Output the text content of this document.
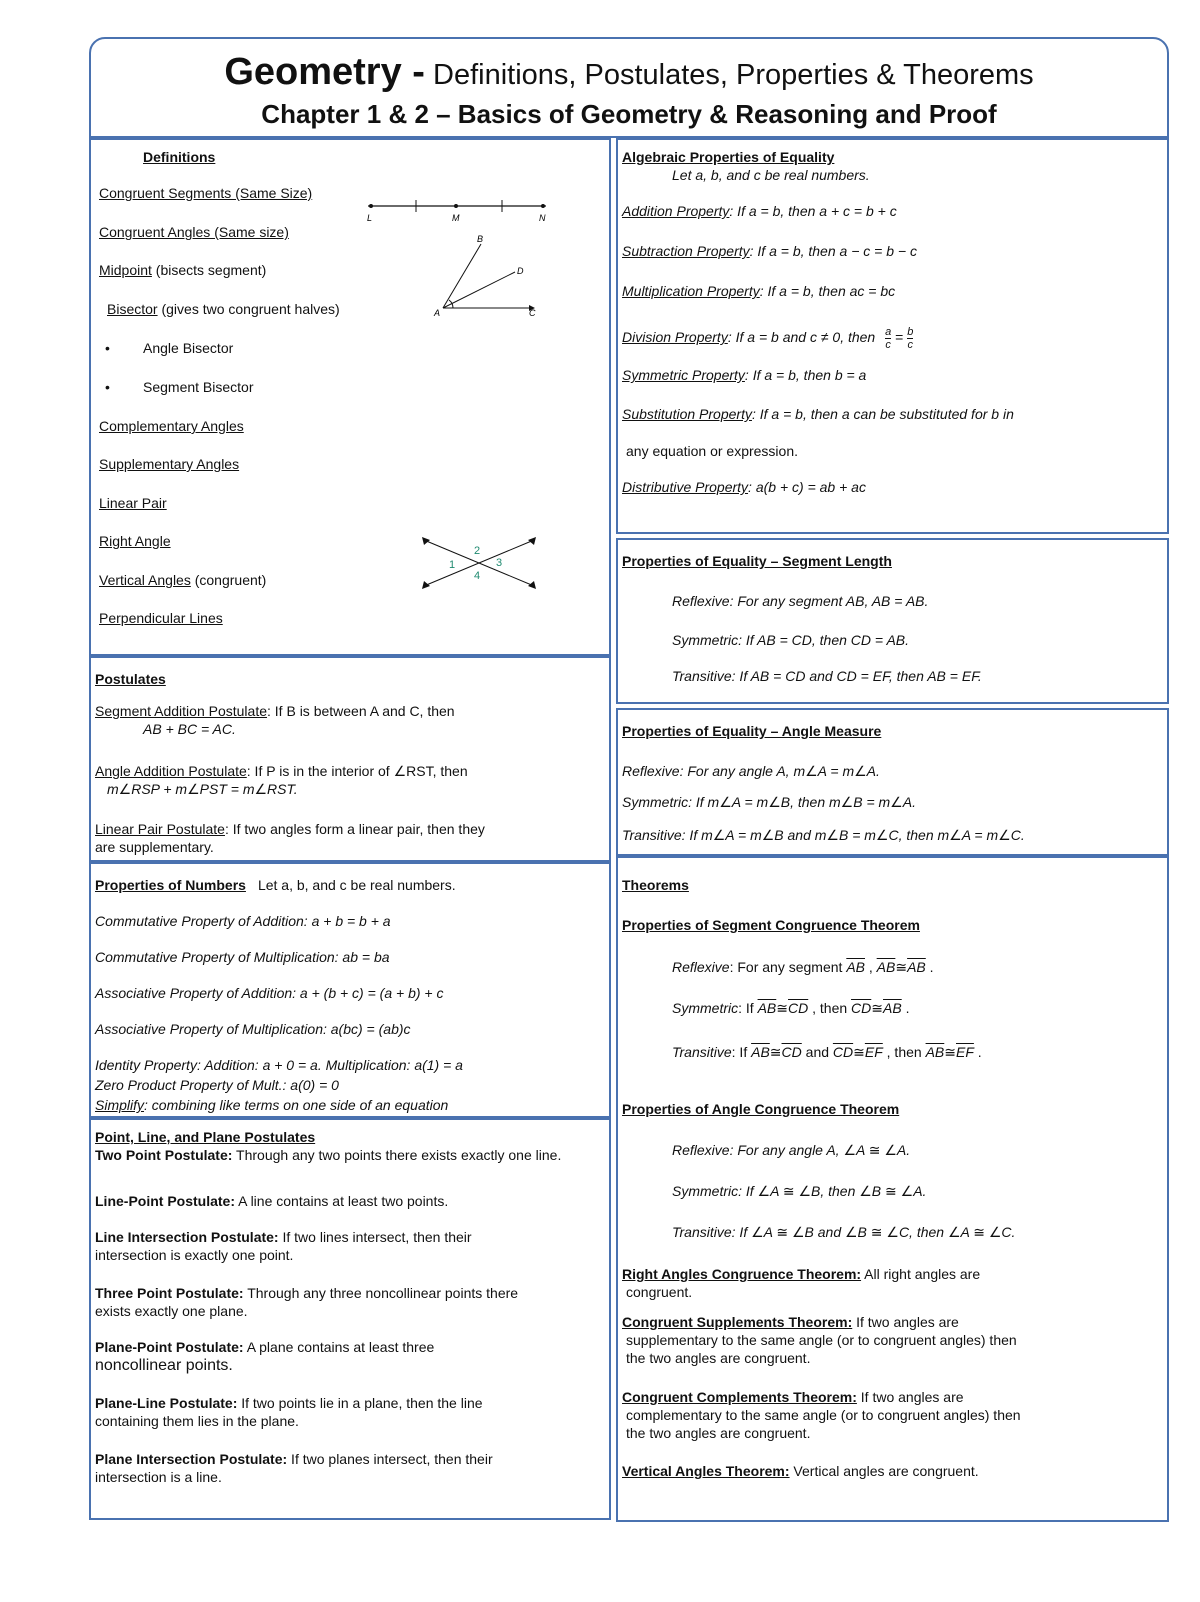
Geometry - Definitions, Postulates, Properties & Theorems
Chapter 1 & 2 – Basics of Geometry & Reasoning and Proof
Definitions
Congruent Segments (Same Size)
Congruent Angles (Same size)
Midpoint (bisects segment)
Bisector (gives two congruent halves)
• Angle Bisector
• Segment Bisector
Complementary Angles
Supplementary Angles
Linear Pair
Right Angle
Vertical Angles (congruent)
Perpendicular Lines
L	M	N
B
D
A	C
1
2
3
4
Postulates
Segment Addition Postulate: If B is between A and C, then
AB + BC = AC.
Angle Addition Postulate: If P is in the interior of ∠RST, then
m∠RSP + m∠PST = m∠RST.
Linear Pair Postulate: If two angles form a linear pair, then they
are supplementary.
Properties of Numbers Let a, b, and c be real numbers.
Commutative Property of Addition: a + b = b + a
Commutative Property of Multiplication: ab = ba
Associative Property of Addition: a + (b + c) = (a + b) + c
Associative Property of Multiplication: a(bc) = (ab)c
Identity Property: Addition: a + 0 = a. Multiplication: a(1) = a
Zero Product Property of Mult.: a(0) = 0
Simplify: combining like terms on one side of an equation
Point, Line, and Plane Postulates
Two Point Postulate: Through any two points there exists exactly one line.
Line-Point Postulate: A line contains at least two points.
Line Intersection Postulate: If two lines intersect, then their intersection is exactly one point.
Three Point Postulate: Through any three noncollinear points there exists exactly one plane.
Plane-Point Postulate: A plane contains at least three
noncollinear points.
Plane-Line Postulate: If two points lie in a plane, then the line containing them lies in the plane.
Plane Intersection Postulate: If two planes intersect, then their intersection is a line.
Algebraic Properties of Equality
Let a, b, and c be real numbers.
Addition Property: If a = b, then a + c = b + c
Subtraction Property: If a = b, then a − c = b − c
Multiplication Property: If a = b, then ac = bc
Division Property: If a = b and c ≠ 0, then $\frac{a}{c} = \frac{b}{c}$
Symmetric Property: If a = b, then b = a
Substitution Property: If a = b, then a can be substituted for b in
any equation or expression.
Distributive Property: a(b + c) = ab + ac
Properties of Equality – Segment Length
Reflexive: For any segment AB, AB = AB.
Symmetric: If AB = CD, then CD = AB.
Transitive: If AB = CD and CD = EF, then AB = EF.
Properties of Equality – Angle Measure
Reflexive: For any angle A, m∠A = m∠A.
Symmetric: If m∠A = m∠B, then m∠B = m∠A.
Transitive: If m∠A = m∠B and m∠B = m∠C, then m∠A = m∠C.
Theorems
Properties of Segment Congruence Theorem
Reflexive: For any segment $\overline{AB}$ , $\overline{AB}≅\overline{AB}$ .
Symmetric: If $\overline{AB}≅\overline{CD}$ , then $\overline{CD}≅\overline{AB}$ .
Transitive: If $\overline{AB}≅\overline{CD}$ and $\overline{CD}≅\overline{EF}$ , then $\overline{AB}≅\overline{EF}$ .
Properties of Angle Congruence Theorem
Reflexive: For any angle A, ∠A ≅ ∠A.
Symmetric: If ∠A ≅ ∠B, then ∠B ≅ ∠A.
Transitive: If ∠A ≅ ∠B and ∠B ≅ ∠C, then ∠A ≅ ∠C.
Right Angles Congruence Theorem: All right angles are
congruent.
Congruent Supplements Theorem: If two angles are
supplementary to the same angle (or to congruent angles) then
the two angles are congruent.
Congruent Complements Theorem: If two angles are
complementary to the same angle (or to congruent angles) then
the two angles are congruent.
Vertical Angles Theorem: Vertical angles are congruent.
